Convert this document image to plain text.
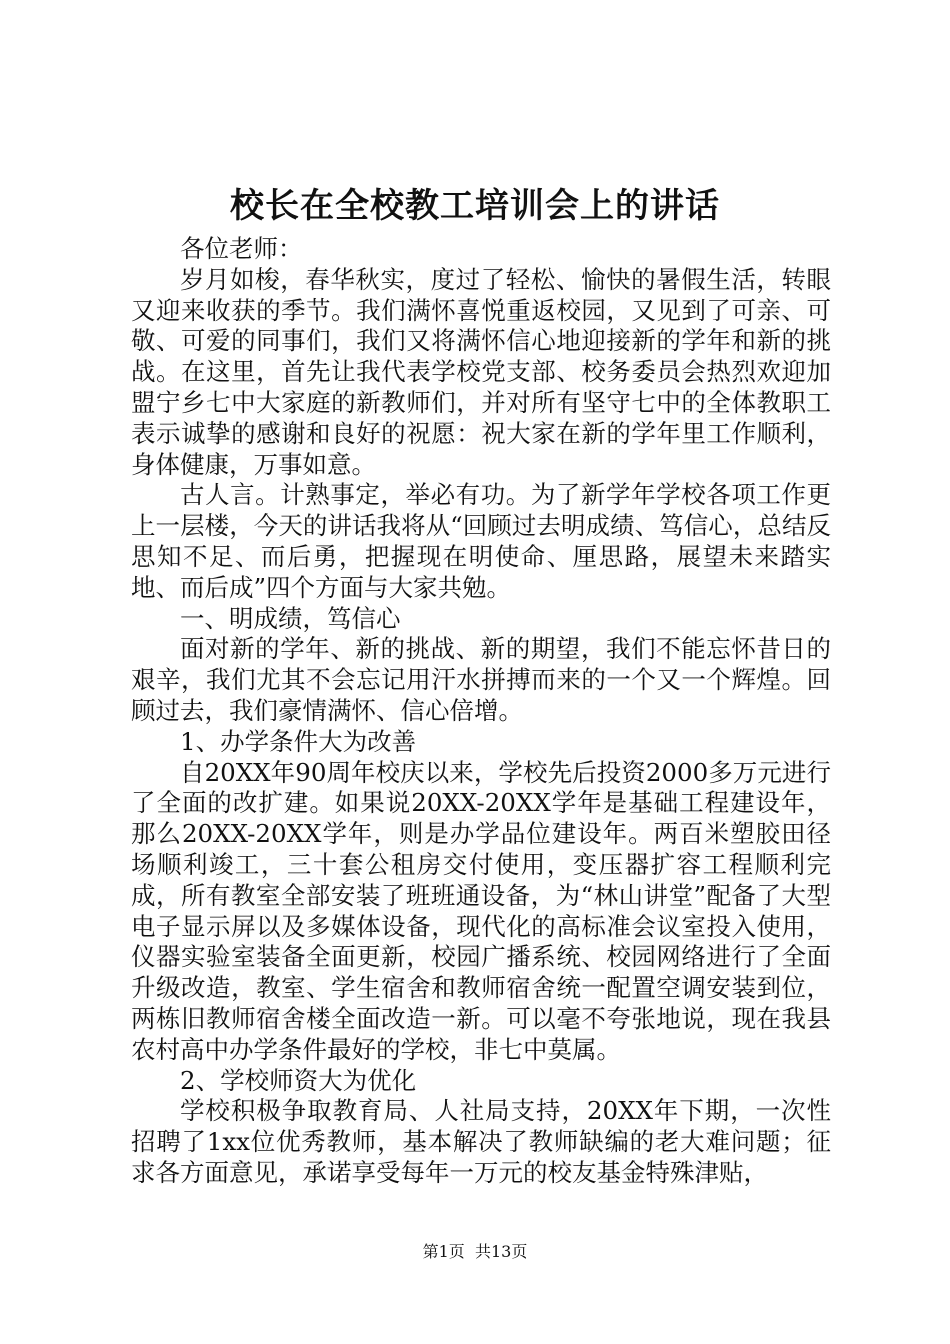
校长在全校教工培训会上的讲话

各位老师：

岁月如梭，春华秋实，度过了轻松、愉快的暑假生活，转眼又迎来收获的季节。我们满怀喜悦重返校园，又见到了可亲、可敬、可爱的同事们，我们又将满怀信心地迎接新的学年和新的挑战。在这里，首先让我代表学校党支部、校务委员会热烈欢迎加盟宁乡七中大家庭的新教师们，并对所有坚守七中的全体教职工表示诚挚的感谢和良好的祝愿：祝大家在新的学年里工作顺利，身体健康，万事如意。

古人言。计熟事定，举必有功。为了新学年学校各项工作更上一层楼，今天的讲话我将从“回顾过去明成绩、笃信心，总结反思知不足、而后勇，把握现在明使命、厘思路，展望未来踏实地、而后成”四个方面与大家共勉。

一、明成绩，笃信心

面对新的学年、新的挑战、新的期望，我们不能忘怀昔日的艰辛，我们尤其不会忘记用汗水拼搏而来的一个又一个辉煌。回顾过去，我们豪情满怀、信心倍增。

1、办学条件大为改善

自20XX年90周年校庆以来，学校先后投资2000多万元进行了全面的改扩建。如果说20XX-20XX学年是基础工程建设年，那么20XX-20XX学年，则是办学品位建设年。两百米塑胶田径场顺利竣工，三十套公租房交付使用，变压器扩容工程顺利完成，所有教室全部安装了班班通设备，为“林山讲堂”配备了大型电子显示屏以及多媒体设备，现代化的高标准会议室投入使用，仪器实验室装备全面更新，校园广播系统、校园网络进行了全面升级改造，教室、学生宿舍和教师宿舍统一配置空调安装到位，两栋旧教师宿舍楼全面改造一新。可以毫不夸张地说，现在我县农村高中办学条件最好的学校，非七中莫属。

2、学校师资大为优化

学校积极争取教育局、人社局支持，20XX年下期，一次性招聘了1xx位优秀教师，基本解决了教师缺编的老大难问题；征求各方面意见，承诺享受每年一万元的校友基金特殊津贴，

第1页 共13页
